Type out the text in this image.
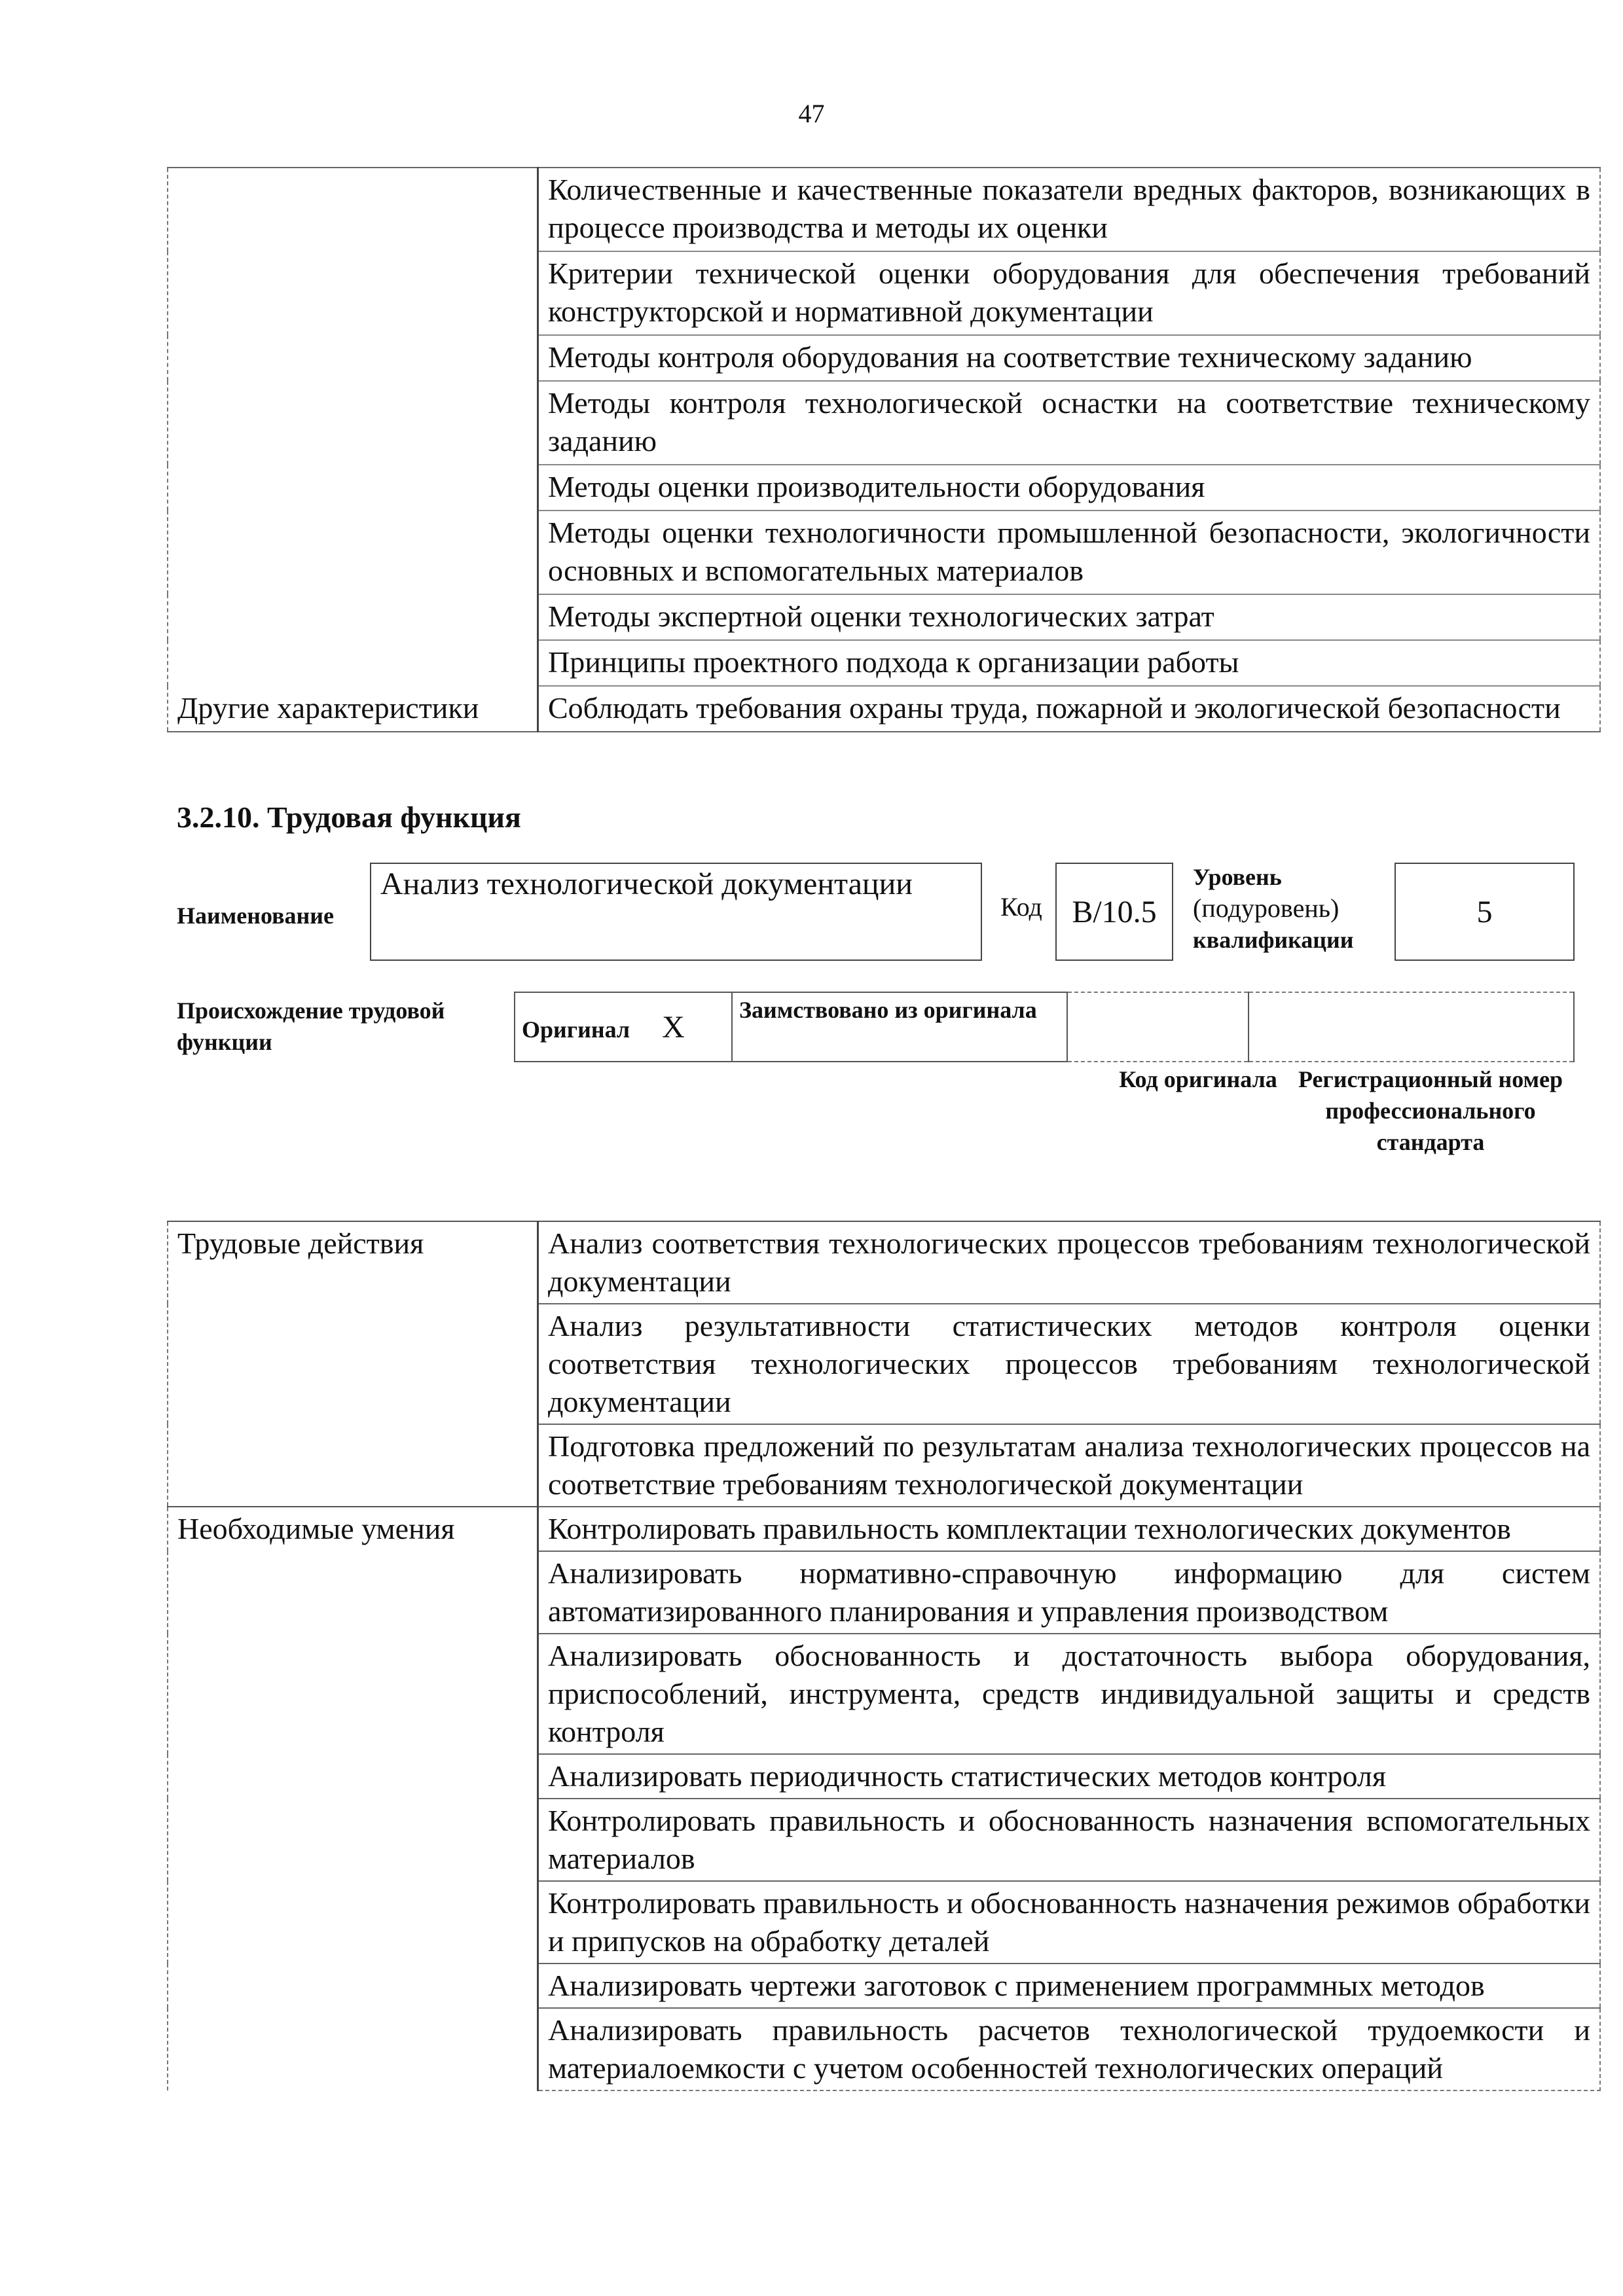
47
	Количественные и качественные показатели вредных факторов, возникающих в процессе производства и методы их оценки
	Критерии технической оценки оборудования для обеспечения требований конструкторской и нормативной документации
	Методы контроля оборудования на соответствие техническому заданию
	Методы контроля технологической оснастки на соответствие техническому заданию
	Методы оценки производительности оборудования
	Методы оценки технологичности промышленной безопасности, экологичности основных и вспомогательных материалов
	Методы экспертной оценки технологических затрат
	Принципы проектного подхода к организации работы
Другие характеристики	Соблюдать требования охраны труда, пожарной и экологической безопасности
3.2.10. Трудовая функция
Наименование
Анализ технологической документации
Код B/10.5
Уровень
(подуровень)
квалификации
5
Происхождение трудовой функции	Оригинал X	Заимствовано из оригинала		
Код оригинала Регистрационный номер профессионального стандарта
Трудовые действия	Анализ соответствия технологических процессов требованиям технологической документации
	Анализ результативности статистических методов контроля оценки соответствия технологических процессов требованиям технологической документации
	Подготовка предложений по результатам анализа технологических процессов на соответствие требованиям технологической документации
Необходимые умения	Контролировать правильность комплектации технологических документов
	Анализировать нормативно-справочную информацию для систем автоматизированного планирования и управления производством
	Анализировать обоснованность и достаточность выбора оборудования, приспособлений, инструмента, средств индивидуальной защиты и средств контроля
	Анализировать периодичность статистических методов контроля
	Контролировать правильность и обоснованность назначения вспомогательных материалов
	Контролировать правильность и обоснованность назначения режимов обработки и припусков на обработку деталей
	Анализировать чертежи заготовок с применением программных методов
	Анализировать правильность расчетов технологической трудоемкости и материалоемкости с учетом особенностей технологических операций
